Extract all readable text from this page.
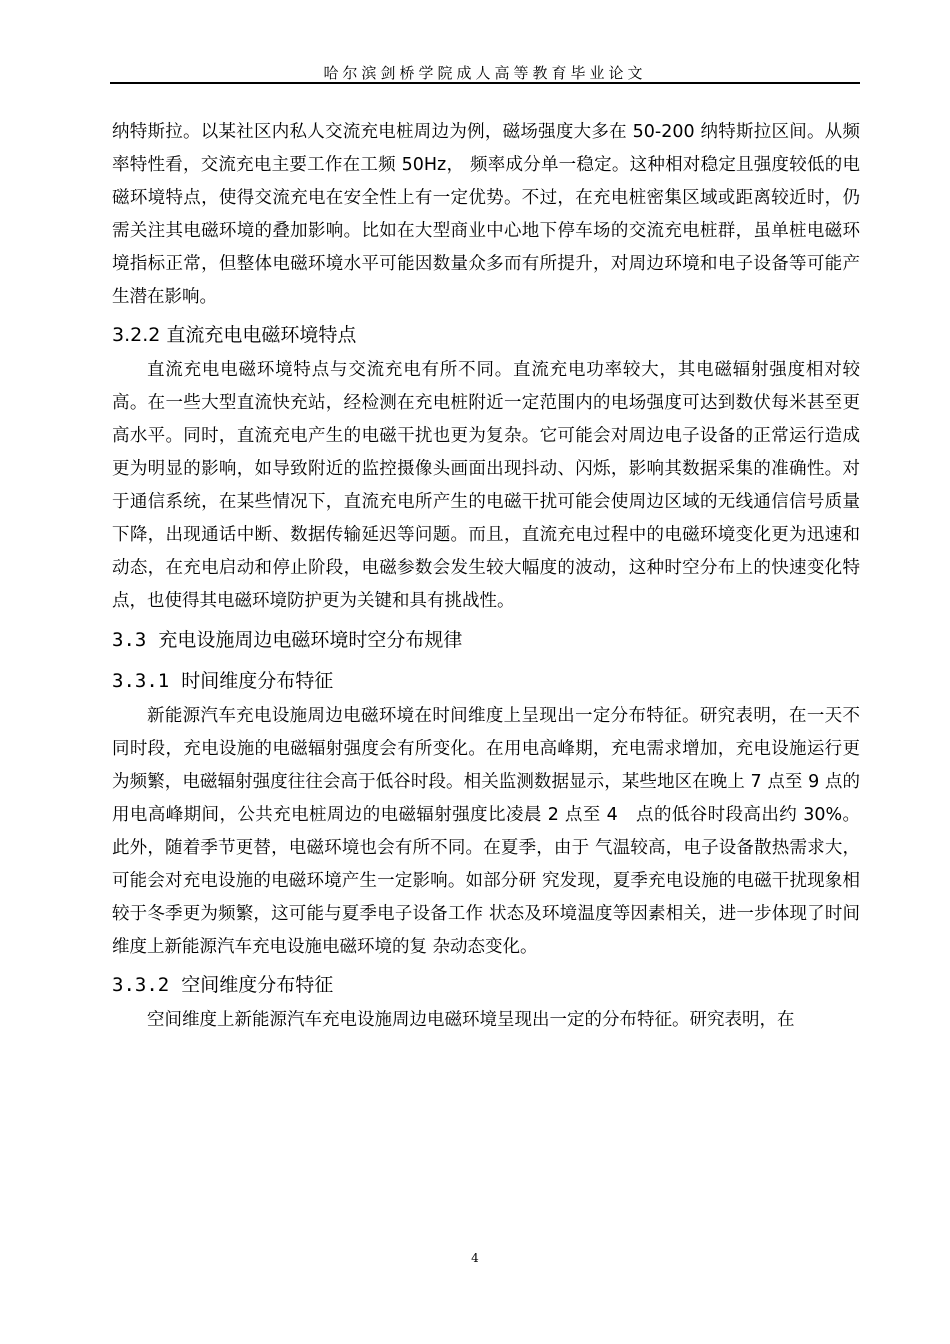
哈尔滨剑桥学院成人高等教育毕业论文

纳特斯拉。以某社区内私人交流充电桩周边为例，磁场强度大多在 50-200 纳特斯拉区间。从频率特性看，交流充电主要工作在工频 50Hz， 频率成分单一稳定。这种相对稳定且强度较低的电磁环境特点，使得交流充电在安全性上有一定优势。不过，在充电桩密集区域或距离较近时，仍需关注其电磁环境的叠加影响。比如在大型商业中心地下停车场的交流充电桩群，虽单桩电磁环境指标正常，但整体电磁环境水平可能因数量众多而有所提升，对周边环境和电子设备等可能产生潜在影响。

3.2.2 直流充电电磁环境特点

直流充电电磁环境特点与交流充电有所不同。直流充电功率较大，其电磁辐射强度相对较高。在一些大型直流快充站，经检测在充电桩附近一定范围内的电场强度可达到数伏每米甚至更高水平。同时，直流充电产生的电磁干扰也更为复杂。它可能会对周边电子设备的正常运行造成更为明显的影响，如导致附近的监控摄像头画面出现抖动、闪烁，影响其数据采集的准确性。对于通信系统，在某些情况下，直流充电所产生的电磁干扰可能会使周边区域的无线通信信号质量下降，出现通话中断、数据传输延迟等问题。而且，直流充电过程中的电磁环境变化更为迅速和动态，在充电启动和停止阶段，电磁参数会发生较大幅度的波动，这种时空分布上的快速变化特点，也使得其电磁环境防护更为关键和具有挑战性。

3.3 充电设施周边电磁环境时空分布规律

3.3.1 时间维度分布特征

新能源汽车充电设施周边电磁环境在时间维度上呈现出一定分布特征。研究表明，在一天不同时段，充电设施的电磁辐射强度会有所变化。在用电高峰期，充电需求增加，充电设施运行更为频繁，电磁辐射强度往往会高于低谷时段。相关监测数据显示，某些地区在晚上 7 点至 9 点的用电高峰期间，公共充电桩周边的电磁辐射强度比凌晨 2 点至 4　点的低谷时段高出约 30%。此外，随着季节更替，电磁环境也会有所不同。在夏季，由于 气温较高，电子设备散热需求大，可能会对充电设施的电磁环境产生一定影响。如部分研 究发现，夏季充电设施的电磁干扰现象相较于冬季更为频繁，这可能与夏季电子设备工作 状态及环境温度等因素相关，进一步体现了时间维度上新能源汽车充电设施电磁环境的复 杂动态变化。

3.3.2 空间维度分布特征

空间维度上新能源汽车充电设施周边电磁环境呈现出一定的分布特征。研究表明，在

4
